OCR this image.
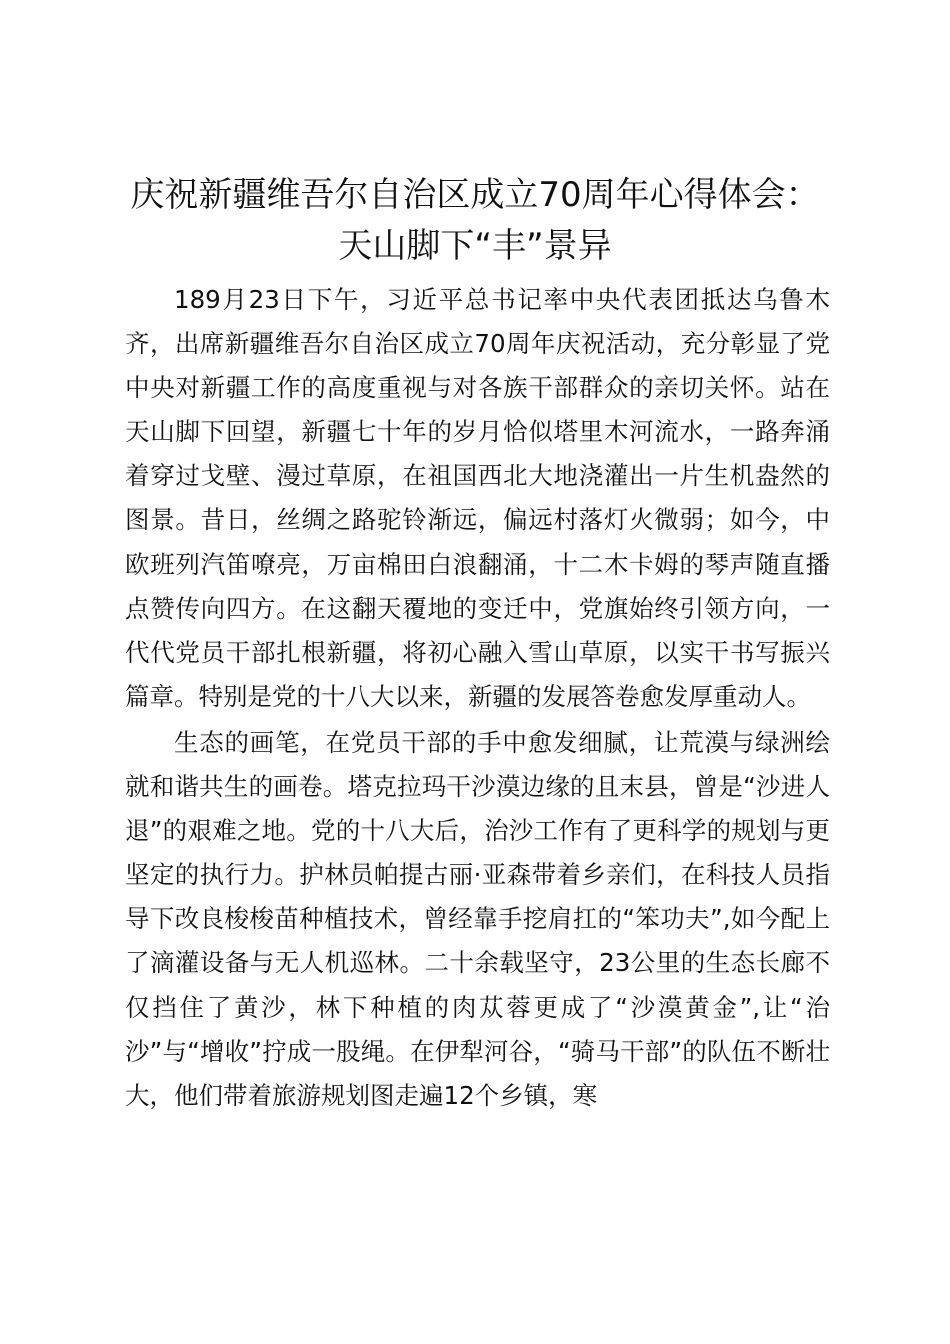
庆祝新疆维吾尔自治区成立70周年心得体会：天山脚下“丰”景异

189月23日下午，习近平总书记率中央代表团抵达乌鲁木齐，出席新疆维吾尔自治区成立70周年庆祝活动，充分彰显了党中央对新疆工作的高度重视与对各族干部群众的亲切关怀。站在天山脚下回望，新疆七十年的岁月恰似塔里木河流水，一路奔涌着穿过戈壁、漫过草原，在祖国西北大地浇灌出一片生机盎然的图景。昔日，丝绸之路驼铃渐远，偏远村落灯火微弱；如今，中欧班列汽笛嘹亮，万亩棉田白浪翻涌，十二木卡姆的琴声随直播点赞传向四方。在这翻天覆地的变迁中，党旗始终引领方向，一代代党员干部扎根新疆，将初心融入雪山草原，以实干书写振兴篇章。特别是党的十八大以来，新疆的发展答卷愈发厚重动人。

生态的画笔，在党员干部的手中愈发细腻，让荒漠与绿洲绘就和谐共生的画卷。塔克拉玛干沙漠边缘的且末县，曾是“沙进人退”的艰难之地。党的十八大后，治沙工作有了更科学的规划与更坚定的执行力。护林员帕提古丽·亚森带着乡亲们，在科技人员指导下改良梭梭苗种植技术，曾经靠手挖肩扛的“笨功夫”,如今配上了滴灌设备与无人机巡林。二十余载坚守，23公里的生态长廊不仅挡住了黄沙，林下种植的肉苁蓉更成了“沙漠黄金”,让“治沙”与“增收”拧成一股绳。在伊犁河谷，“骑马干部”的队伍不断壮大，他们带着旅游规划图走遍12个乡镇，寒
